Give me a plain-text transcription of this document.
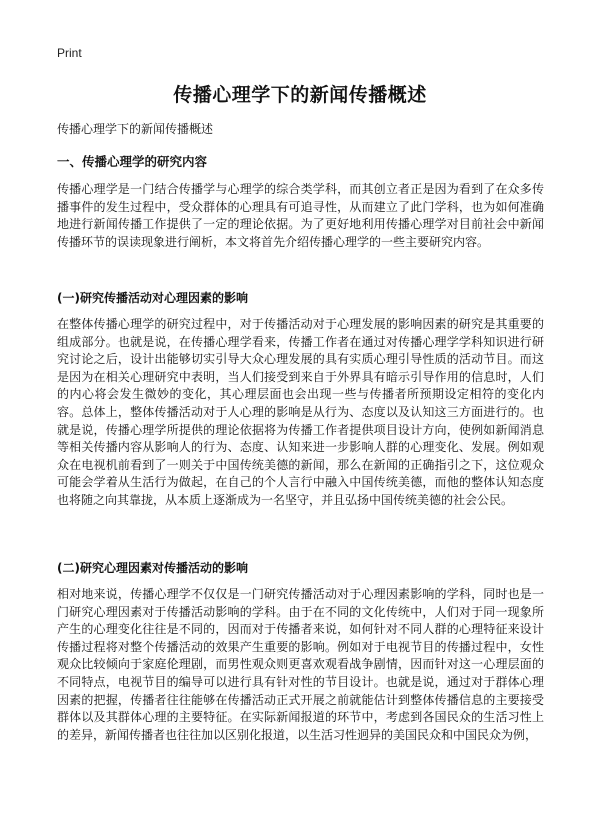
Print
传播心理学下的新闻传播概述

传播心理学下的新闻传播概述

一、传播心理学的研究内容

传播心理学是一门结合传播学与心理学的综合类学科，而其创立者正是因为看到了在众多传播事件的发生过程中，受众群体的心理具有可追寻性，从而建立了此门学科，也为如何准确地进行新闻传播工作提供了一定的理论依据。为了更好地利用传播心理学对目前社会中新闻传播环节的误读现象进行阐析，本文将首先介绍传播心理学的一些主要研究内容。

(一)研究传播活动对心理因素的影响

在整体传播心理学的研究过程中，对于传播活动对于心理发展的影响因素的研究是其重要的组成部分。也就是说，在传播心理学看来，传播工作者在通过对传播心理学学科知识进行研究讨论之后，设计出能够切实引导大众心理发展的具有实质心理引导性质的活动节目。而这是因为在相关心理研究中表明，当人们接受到来自于外界具有暗示引导作用的信息时，人们的内心将会发生微妙的变化，其心理层面也会出现一些与传播者所预期设定相符的变化内容。总体上，整体传播活动对于人心理的影响是从行为、态度以及认知这三方面进行的。也就是说，传播心理学所提供的理论依据将为传播工作者提供项目设计方向，使例如新闻消息等相关传播内容从影响人的行为、态度、认知来进一步影响人群的心理变化、发展。例如观众在电视机前看到了一则关于中国传统美德的新闻，那么在新闻的正确指引之下，这位观众可能会学着从生活行为做起，在自己的个人言行中融入中国传统美德，而他的整体认知态度也将随之向其靠拢，从本质上逐渐成为一名坚守，并且弘扬中国传统美德的社会公民。

(二)研究心理因素对传播活动的影响

相对地来说，传播心理学不仅仅是一门研究传播活动对于心理因素影响的学科，同时也是一门研究心理因素对于传播活动影响的学科。由于在不同的文化传统中，人们对于同一现象所产生的心理变化往往是不同的，因而对于传播者来说，如何针对不同人群的心理特征来设计传播过程将对整个传播活动的效果产生重要的影响。例如对于电视节目的传播过程中，女性观众比较倾向于家庭伦理剧，而男性观众则更喜欢观看战争剧情，因而针对这一心理层面的不同特点，电视节目的编导可以进行具有针对性的节目设计。也就是说，通过对于群体心理因素的把握，传播者往往能够在传播活动正式开展之前就能估计到整体传播信息的主要接受群体以及其群体心理的主要特征。在实际新闻报道的环节中，考虑到各国民众的生活习性上的差异，新闻传播者也往往加以区别化报道，以生活习性迥异的美国民众和中国民众为例，
